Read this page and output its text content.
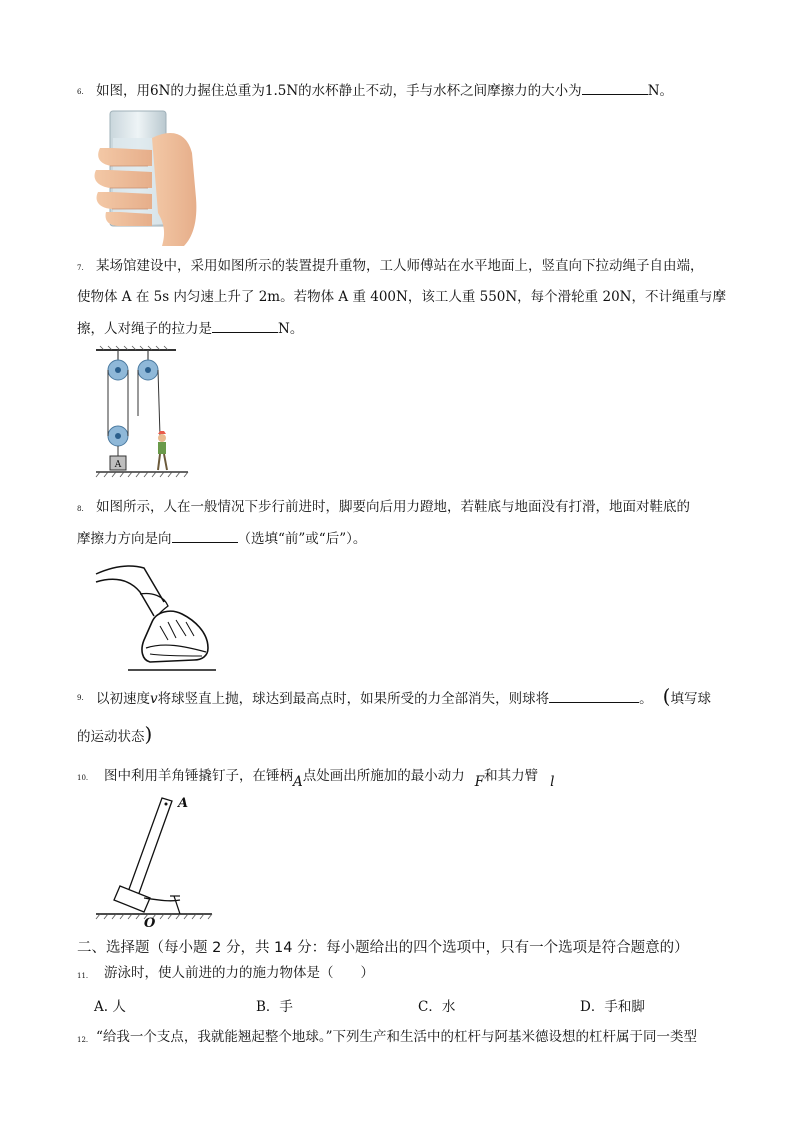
6. 如图，用6N的力握住总重为1.5N的水杯静止不动，手与水杯之间摩擦力的大小为	N。
7. 某场馆建设中，采用如图所示的装置提升重物，工人师傅站在水平地面上，竖直向下拉动绳子自由端，
使物体 A 在 5s 内匀速上升了 2m。若物体 A 重 400N，该工人重 550N，每个滑轮重 20N，不计绳重与摩
擦，人对绳子的拉力是	N。
A
8. 如图所示，人在一般情况下步行前进时，脚要向后用力蹬地，若鞋底与地面没有打滑，地面对鞋底的
摩擦力方向是向	（选填“前”或“后”）。
9. 以初速度v将球竖直上抛，球达到最高点时，如果所受的力全部消失，则球将	。 (填写球
的运动状态)
10. 图中利用羊角锤撬钉子，在锤柄A点处画出所施加的最小动力 F和其力臂 l
A
O
二、选择题（每小题 2 分，共 14 分：每小题给出的四个选项中，只有一个选项是符合题意的）
11. 游泳时，使人前进的力的施力物体是（　　）
A. 人	B．手	C．水	D．手和脚
12. “给我一个支点，我就能翘起整个地球。”下列生产和生活中的杠杆与阿基米德设想的杠杆属于同一类型
